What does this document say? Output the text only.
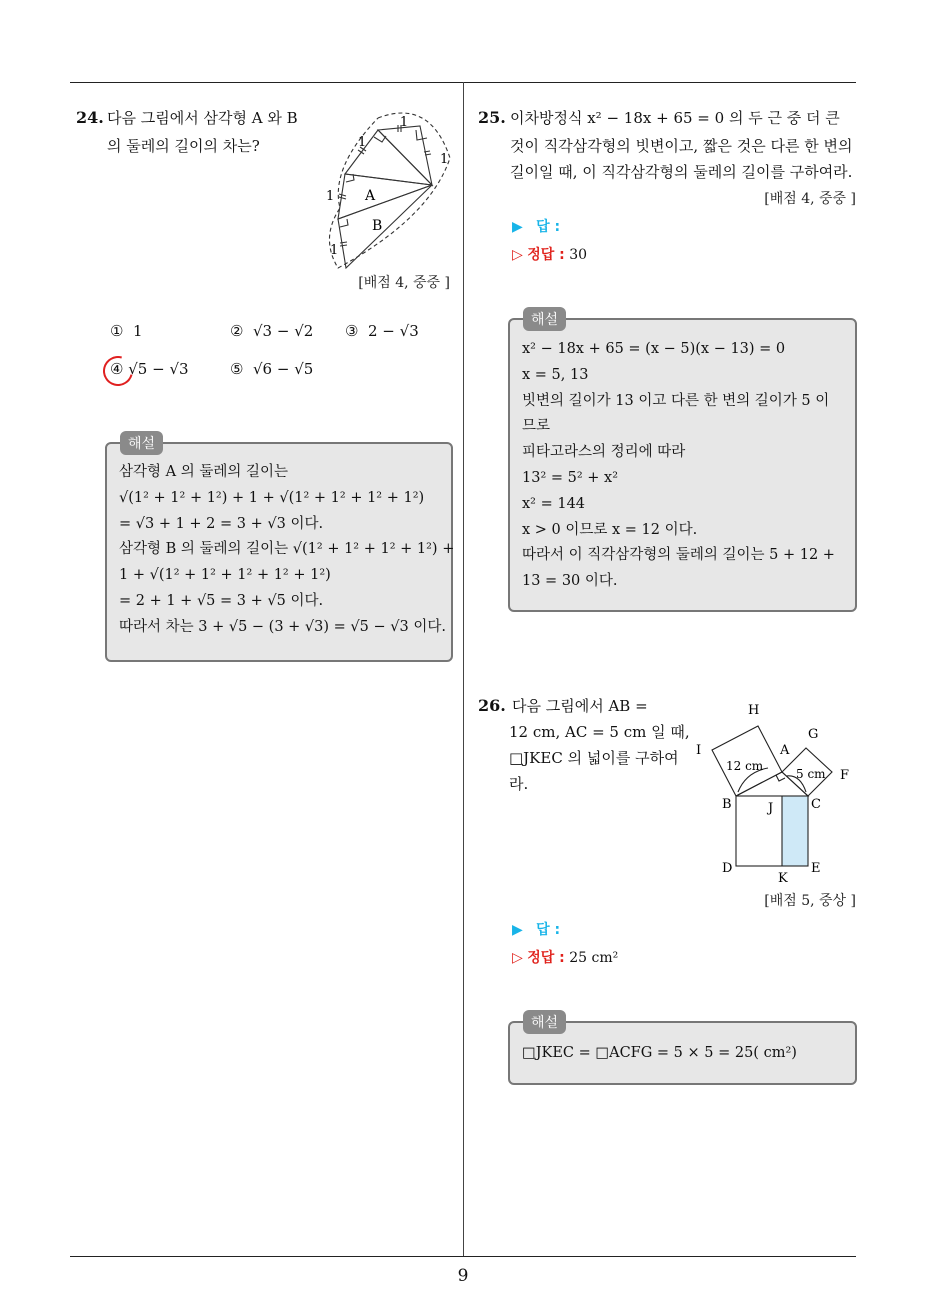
9
24. 다음 그림에서 삼각형 A 와 B
의 둘레의 길이의 차는?
1
1
1
1
1
A
B
[배점 4, 중중 ]
① 1	② √3 − √2 ③ 2 − √3
④ √5 − √3	⑤ √6 − √5
삼각형 A 의 둘레의 길이는
√(1² + 1² + 1²) + 1 + √(1² + 1² + 1² + 1²)
= √3 + 1 + 2 = 3 + √3 이다.
삼각형 B 의 둘레의 길이는 √(1² + 1² + 1² + 1²) +
1 + √(1² + 1² + 1² + 1² + 1²)
= 2 + 1 + √5 = 3 + √5 이다.
따라서 차는 3 + √5 − (3 + √3) = √5 − √3 이다.
해설
25. 이차방정식 x² − 18x + 65 = 0 의 두 근 중 더 큰
것이 직각삼각형의 빗변이고, 짧은 것은 다른 한 변의
길이일 때, 이 직각삼각형의 둘레의 길이를 구하여라.
[배점 4, 중중 ]
▶ 답 :
▷ 정답 : 30
x² − 18x + 65 = (x − 5)(x − 13) = 0
x = 5, 13
빗변의 길이가 13 이고 다른 한 변의 길이가 5 이
므로
피타고라스의 정리에 따라
13² = 5² + x²
x² = 144
x > 0 이므로 x = 12 이다.
따라서 이 직각삼각형의 둘레의 길이는 5 + 12 +
13 = 30 이다.
해설
26. 다음 그림에서 AB =
12 cm, AC = 5 cm 일 때,
□JKEC 의 넓이를 구하여
라.
H
G
I	A
F
12 cm
5 cm
B	J	C
D
K
E
[배점 5, 중상 ]
▶ 답 :
▷ 정답 : 25 cm²
□JKEC = □ACFG = 5 × 5 = 25( cm²)
해설
